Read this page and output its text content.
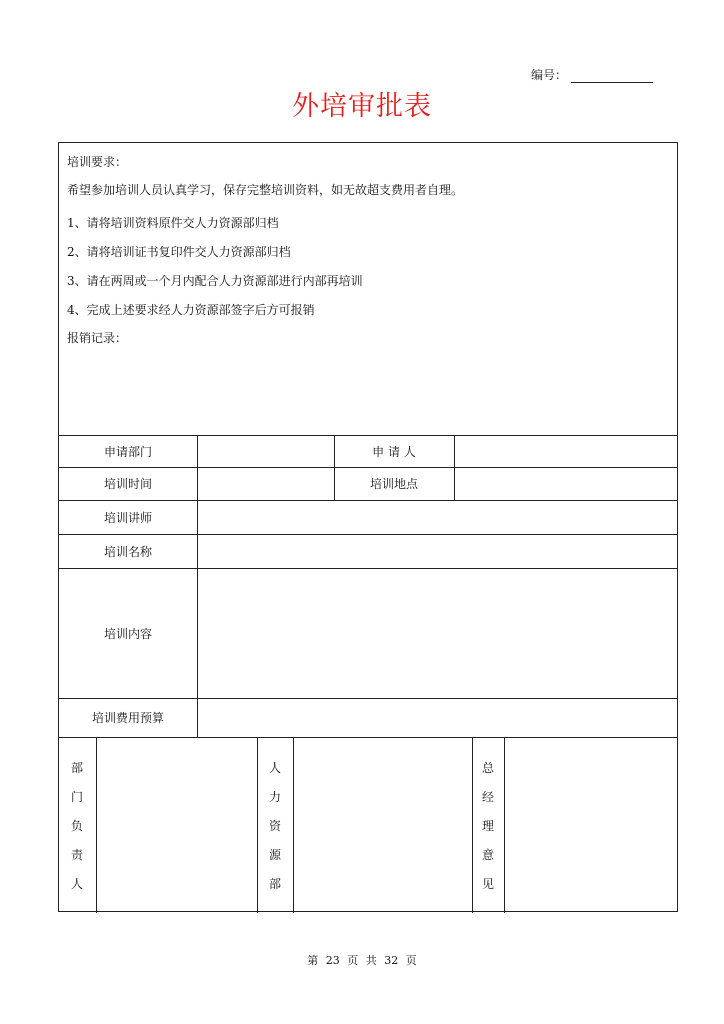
编号：
外培审批表
培训要求：
希望参加培训人员认真学习，保存完整培训资料，如无故超支费用者自理。
1、请将培训资料原件交人力资源部归档
2、请将培训证书复印件交人力资源部归档
3、请在两周或一个月内配合人力资源部进行内部再培训
4、完成上述要求经人力资源部签字后方可报销
报销记录：
申请部门	申 请 人
培训时间	培训地点
培训讲师
培训名称
培训内容
培训费用预算
部
门
负
责
人
人
力
资
源
部
总
经
理
意
见
第 23 页 共 32 页
